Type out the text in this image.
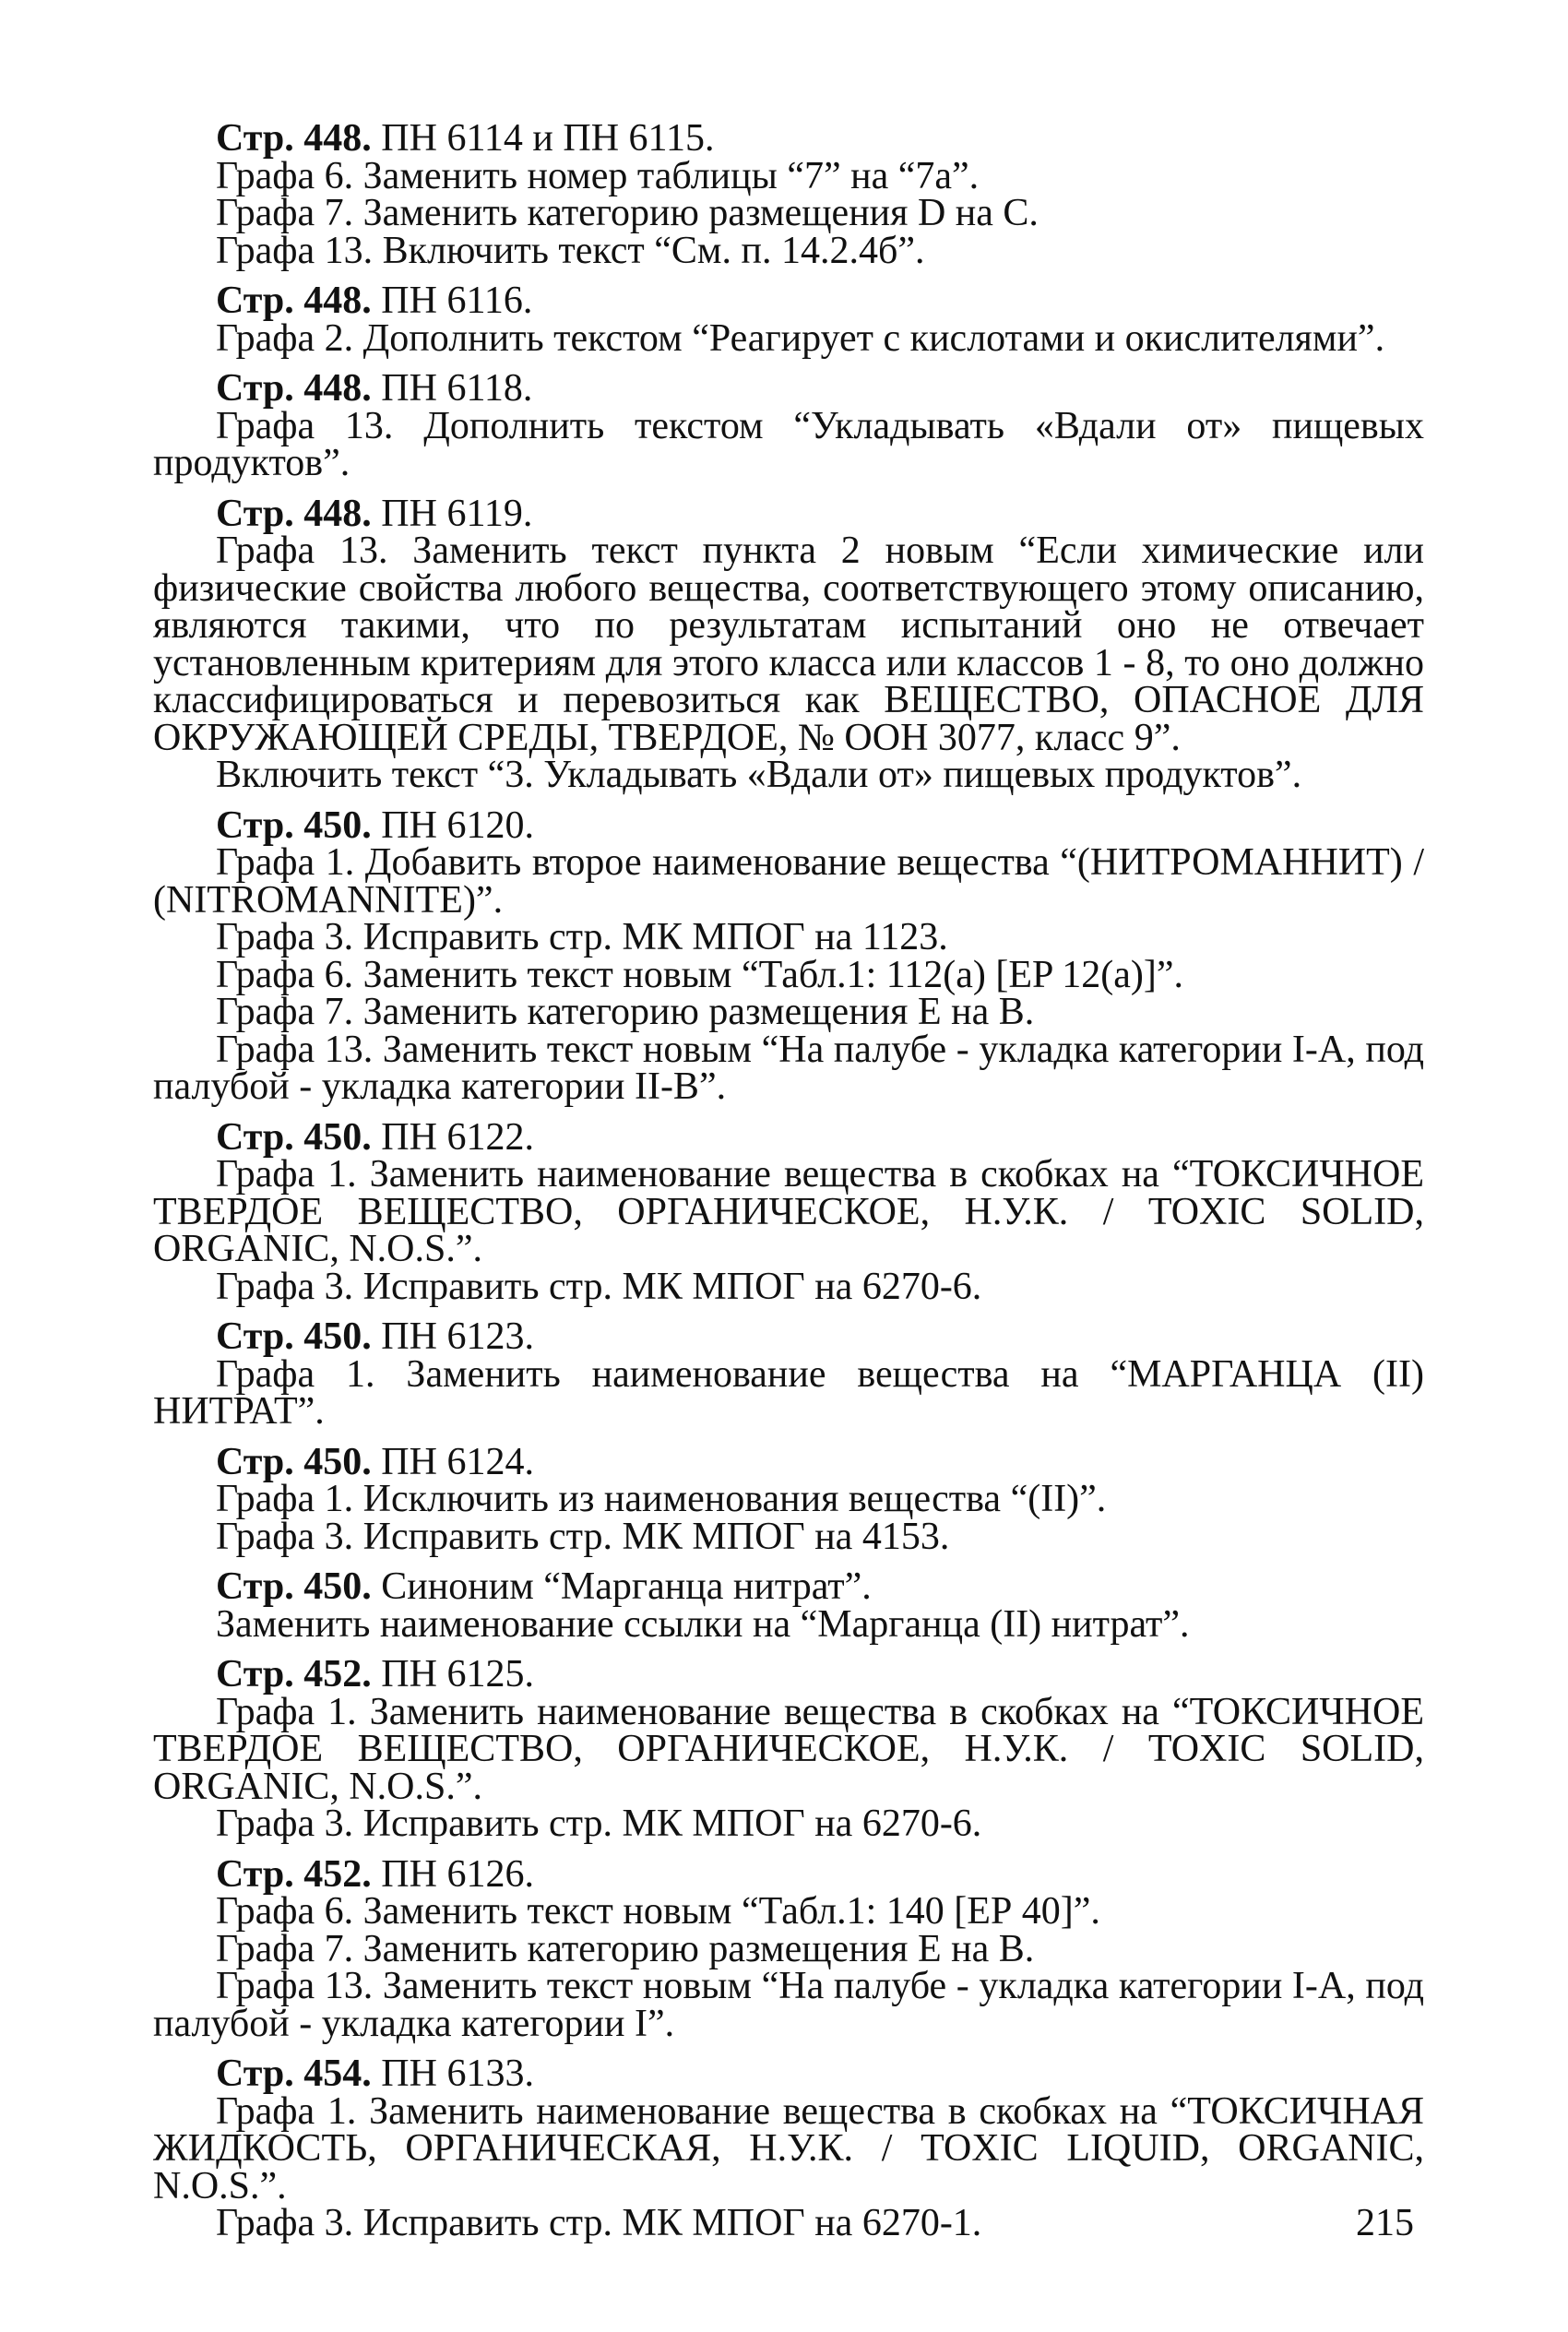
Стр. 448. ПН 6114 и ПН 6115.

Графа 6. Заменить номер таблицы “7” на “7а”.

Графа 7. Заменить категорию размещения D на С.

Графа 13. Включить текст “См. п. 14.2.4б”.

Стр. 448. ПН 6116.

Графа 2. Дополнить текстом “Реагирует с кислотами и окислителями”.

Стр. 448. ПН 6118.

Графа 13. Дополнить текстом “Укладывать «Вдали от» пищевых продуктов”.

Стр. 448. ПН 6119.

Графа 13. Заменить текст пункта 2 новым “Если химические или физические свойства любого вещества, соответствующего этому описанию, являются такими, что по результатам испытаний оно не отвечает установленным критериям для этого класса или классов 1 - 8, то оно должно классифицироваться и перевозиться как ВЕЩЕСТВО, ОПАСНОЕ ДЛЯ ОКРУЖАЮЩЕЙ СРЕДЫ, ТВЕРДОЕ, № ООН 3077, класс 9”.

Включить текст “3. Укладывать «Вдали от» пищевых продуктов”.

Стр. 450. ПН 6120.

Графа 1. Добавить второе наименование вещества “(НИТРОМАННИТ) / (NITROMANNITE)”.

Графа 3. Исправить стр. МК МПОГ на 1123.

Графа 6. Заменить текст новым “Табл.1: 112(a) [EP 12(a)]”.

Графа 7. Заменить категорию размещения Е на В.

Графа 13. Заменить текст новым “На палубе - укладка категории I-А, под палубой - укладка категории II-В”.

Стр. 450. ПН 6122.

Графа 1. Заменить наименование вещества в скобках на “ТОКСИЧНОЕ ТВЕРДОЕ ВЕЩЕСТВО, ОРГАНИЧЕСКОЕ, Н.У.К. / TOXIC SOLID, ORGANIC, N.O.S.”.

Графа 3. Исправить стр. МК МПОГ на 6270-6.

Стр. 450. ПН 6123.

Графа 1. Заменить наименование вещества на “МАРГАНЦА (II) НИТРАТ”.

Стр. 450. ПН 6124.

Графа 1. Исключить из наименования вещества “(II)”.

Графа 3. Исправить стр. МК МПОГ на 4153.

Стр. 450. Синоним “Марганца нитрат”.

Заменить наименование ссылки на “Марганца (II) нитрат”.

Стр. 452. ПН 6125.

Графа 1. Заменить наименование вещества в скобках на “ТОКСИЧНОЕ ТВЕРДОЕ ВЕЩЕСТВО, ОРГАНИЧЕСКОЕ, Н.У.К. / TOXIC SOLID, ORGANIC, N.O.S.”.

Графа 3. Исправить стр. МК МПОГ на 6270-6.

Стр. 452. ПН 6126.

Графа 6. Заменить текст новым “Табл.1: 140 [ЕР 40]”.

Графа 7. Заменить категорию размещения Е на В.

Графа 13. Заменить текст новым “На палубе - укладка категории I-А, под палубой - укладка категории I”.

Стр. 454. ПН 6133.

Графа 1. Заменить наименование вещества в скобках на “ТОКСИЧНАЯ ЖИДКОСТЬ, ОРГАНИЧЕСКАЯ, Н.У.К. / TOXIC LIQUID, ORGANIC, N.O.S.”.

Графа 3. Исправить стр. МК МПОГ на 6270-1.	215
